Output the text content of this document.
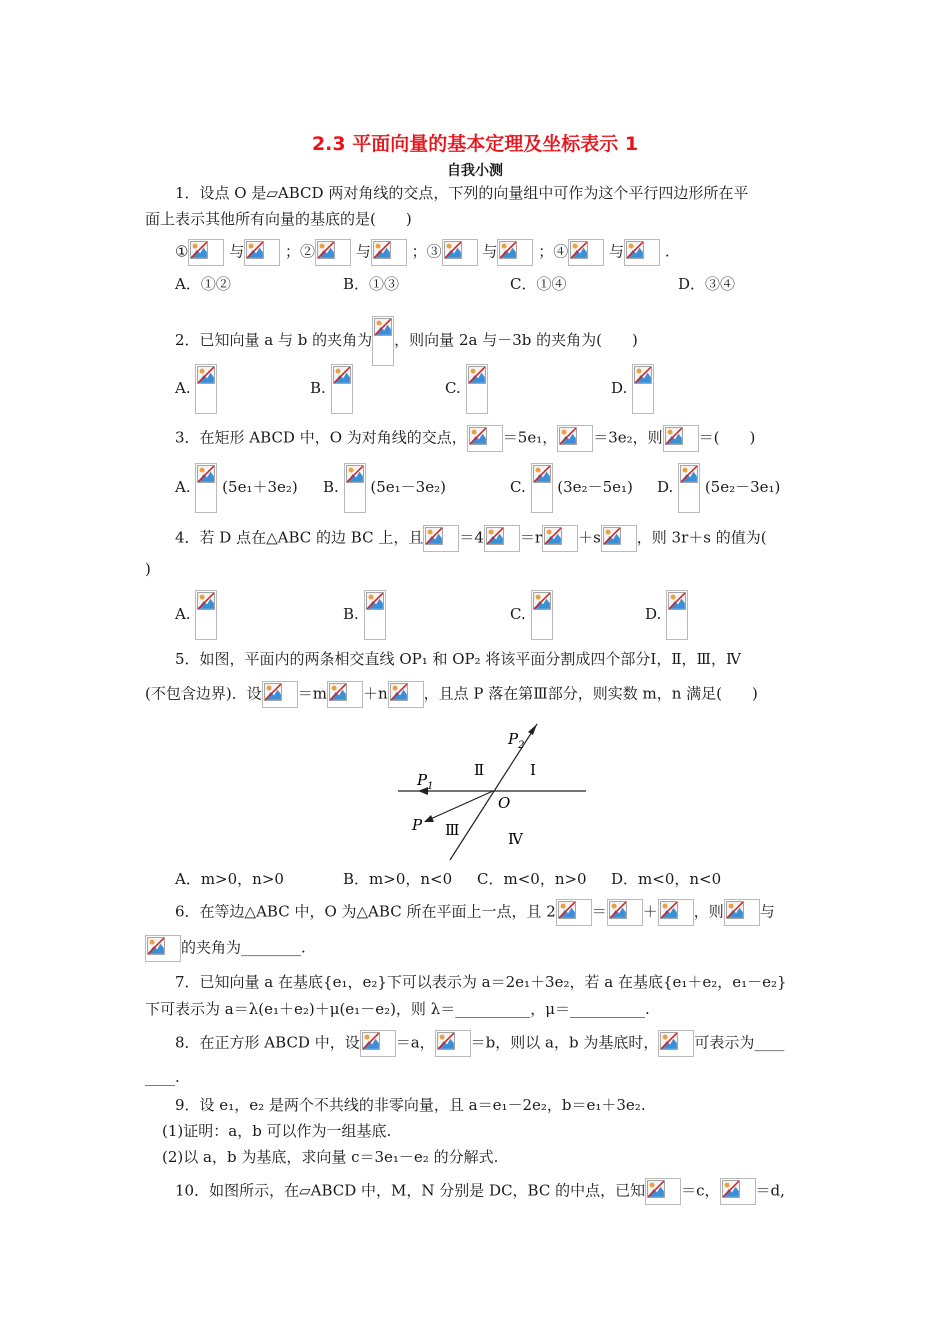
2.3 平面向量的基本定理及坐标表示 1
自我小测
1．设点 O 是▱ABCD 两对角线的交点，下列的向量组中可作为这个平行四边形所在平
面上表示其他所有向量的基底的是(　　)
①	与	；②	与	；③	与	；④	与	.
A．①②	B．①③	C．①④	D．③④
2．已知向量 a 与 b 的夹角为 ，则向量 2a 与－3b 的夹角为(　　)
A.	B.	C.	D.
3．在矩形 ABCD 中，O 为对角线的交点， ＝5e₁， ＝3e₂，则 ＝(　　)
A. (5e₁＋3e₂) B. (5e₁－3e₂)	C. (3e₂－5e₁) D. (5e₂－3e₁)
4．若 D 点在△ABC 的边 BC 上，且 ＝4 ＝r ＋s ，则 3r＋s 的值为(
)
A.	B.	C.	D.
5．如图，平面内的两条相交直线 OP₁ 和 OP₂ 将该平面分割成四个部分Ⅰ，Ⅱ，Ⅲ，Ⅳ
(不包含边界)．设 ＝m ＋n ，且点 P 落在第Ⅲ部分，则实数 m，n 满足(　　)
$P_2$
$P_1$
O
P
Ⅰ
Ⅱ
Ⅲ	Ⅳ
A．m>0，n>0	B．m>0，n<0 C．m<0，n>0 D．m<0，n<0
6．在等边△ABC 中，O 为△ABC 所在平面上一点，且 2 ＝ ＋ ，则 与
的夹角为________.
7．已知向量 a 在基底{e₁，e₂}下可以表示为 a＝2e₁＋3e₂，若 a 在基底{e₁＋e₂，e₁－e₂}
下可表示为 a＝λ(e₁＋e₂)＋μ(e₁－e₂)，则 λ＝__________，μ＝__________.
8．在正方形 ABCD 中，设 ＝a， ＝b，则以 a，b 为基底时， 可表示为____
____.
9．设 e₁，e₂ 是两个不共线的非零向量，且 a＝e₁－2e₂，b＝e₁＋3e₂.
(1)证明：a，b 可以作为一组基底.
(2)以 a，b 为基底，求向量 c＝3e₁－e₂ 的分解式.
10．如图所示，在▱ABCD 中，M，N 分别是 DC，BC 的中点，已知 ＝c， ＝d,
